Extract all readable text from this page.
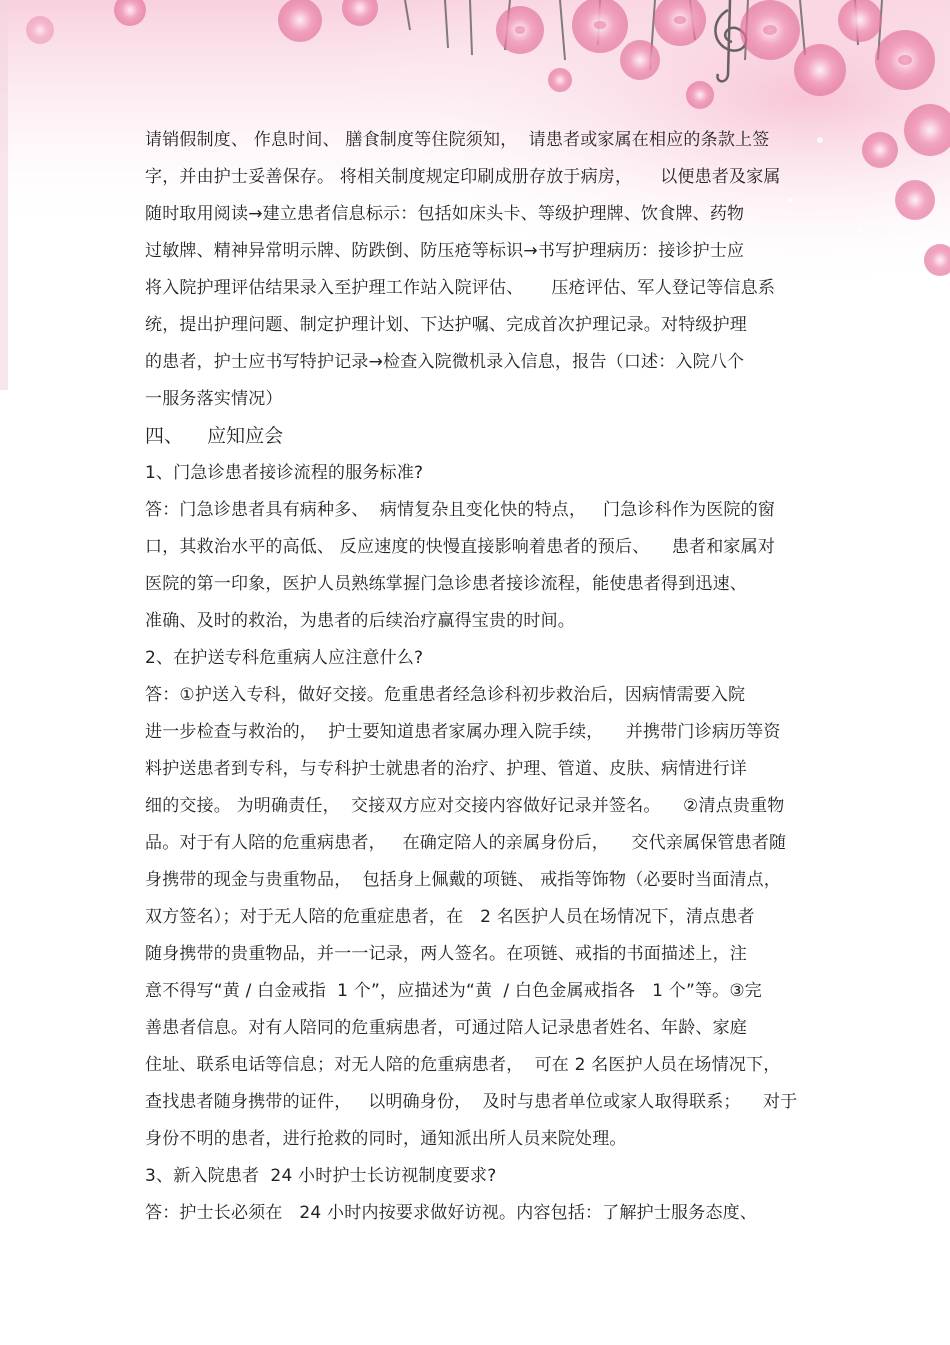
请销假制度、 作息时间、 膳食制度等住院须知，  请患者或家属在相应的条款上签
字，并由护士妥善保存。 将相关制度规定印刷成册存放于病房，     以便患者及家属
随时取用阅读→建立患者信息标示：包括如床头卡、等级护理牌、饮食牌、药物
过敏牌、精神异常明示牌、防跌倒、防压疮等标识→书写护理病历：接诊护士应
将入院护理评估结果录入至护理工作站入院评估、     压疮评估、军人登记等信息系
统，提出护理问题、制定护理计划、下达护嘱、完成首次护理记录。对特级护理
的患者，护士应书写特护记录→检查入院微机录入信息，报告（口述：入院八个
一服务落实情况）
四、    应知应会
1、门急诊患者接诊流程的服务标准?
答：门急诊患者具有病种多、  病情复杂且变化快的特点，   门急诊科作为医院的窗
口，其救治水平的高低、 反应速度的快慢直接影响着患者的预后、    患者和家属对
医院的第一印象，医护人员熟练掌握门急诊患者接诊流程，能使患者得到迅速、
准确、及时的救治，为患者的后续治疗赢得宝贵的时间。
2、在护送专科危重病人应注意什么?
答：①护送入专科，做好交接。危重患者经急诊科初步救治后，因病情需要入院
进一步检查与救治的，  护士要知道患者家属办理入院手续，    并携带门诊病历等资
料护送患者到专科，与专科护士就患者的治疗、护理、管道、皮肤、病情进行详
细的交接。 为明确责任，  交接双方应对交接内容做好记录并签名。    ②清点贵重物
品。对于有人陪的危重病患者，   在确定陪人的亲属身份后，    交代亲属保管患者随
身携带的现金与贵重物品，  包括身上佩戴的项链、 戒指等饰物（必要时当面清点，
双方签名）；对于无人陪的危重症患者，在   2 名医护人员在场情况下，清点患者
随身携带的贵重物品，并一一记录，两人签名。在项链、戒指的书面描述上，注
意不得写“黄 / 白金戒指  1 个”，应描述为“黄  / 白色金属戒指各   1 个”等。③完
善患者信息。对有人陪同的危重病患者，可通过陪人记录患者姓名、年龄、家庭
住址、联系电话等信息；对无人陪的危重病患者，  可在 2 名医护人员在场情况下，
查找患者随身携带的证件，   以明确身份，  及时与患者单位或家人取得联系；    对于
身份不明的患者，进行抢救的同时，通知派出所人员来院处理。
3、新入院患者  24 小时护士长访视制度要求?
答：护士长必须在   24 小时内按要求做好访视。内容包括：了解护士服务态度、
